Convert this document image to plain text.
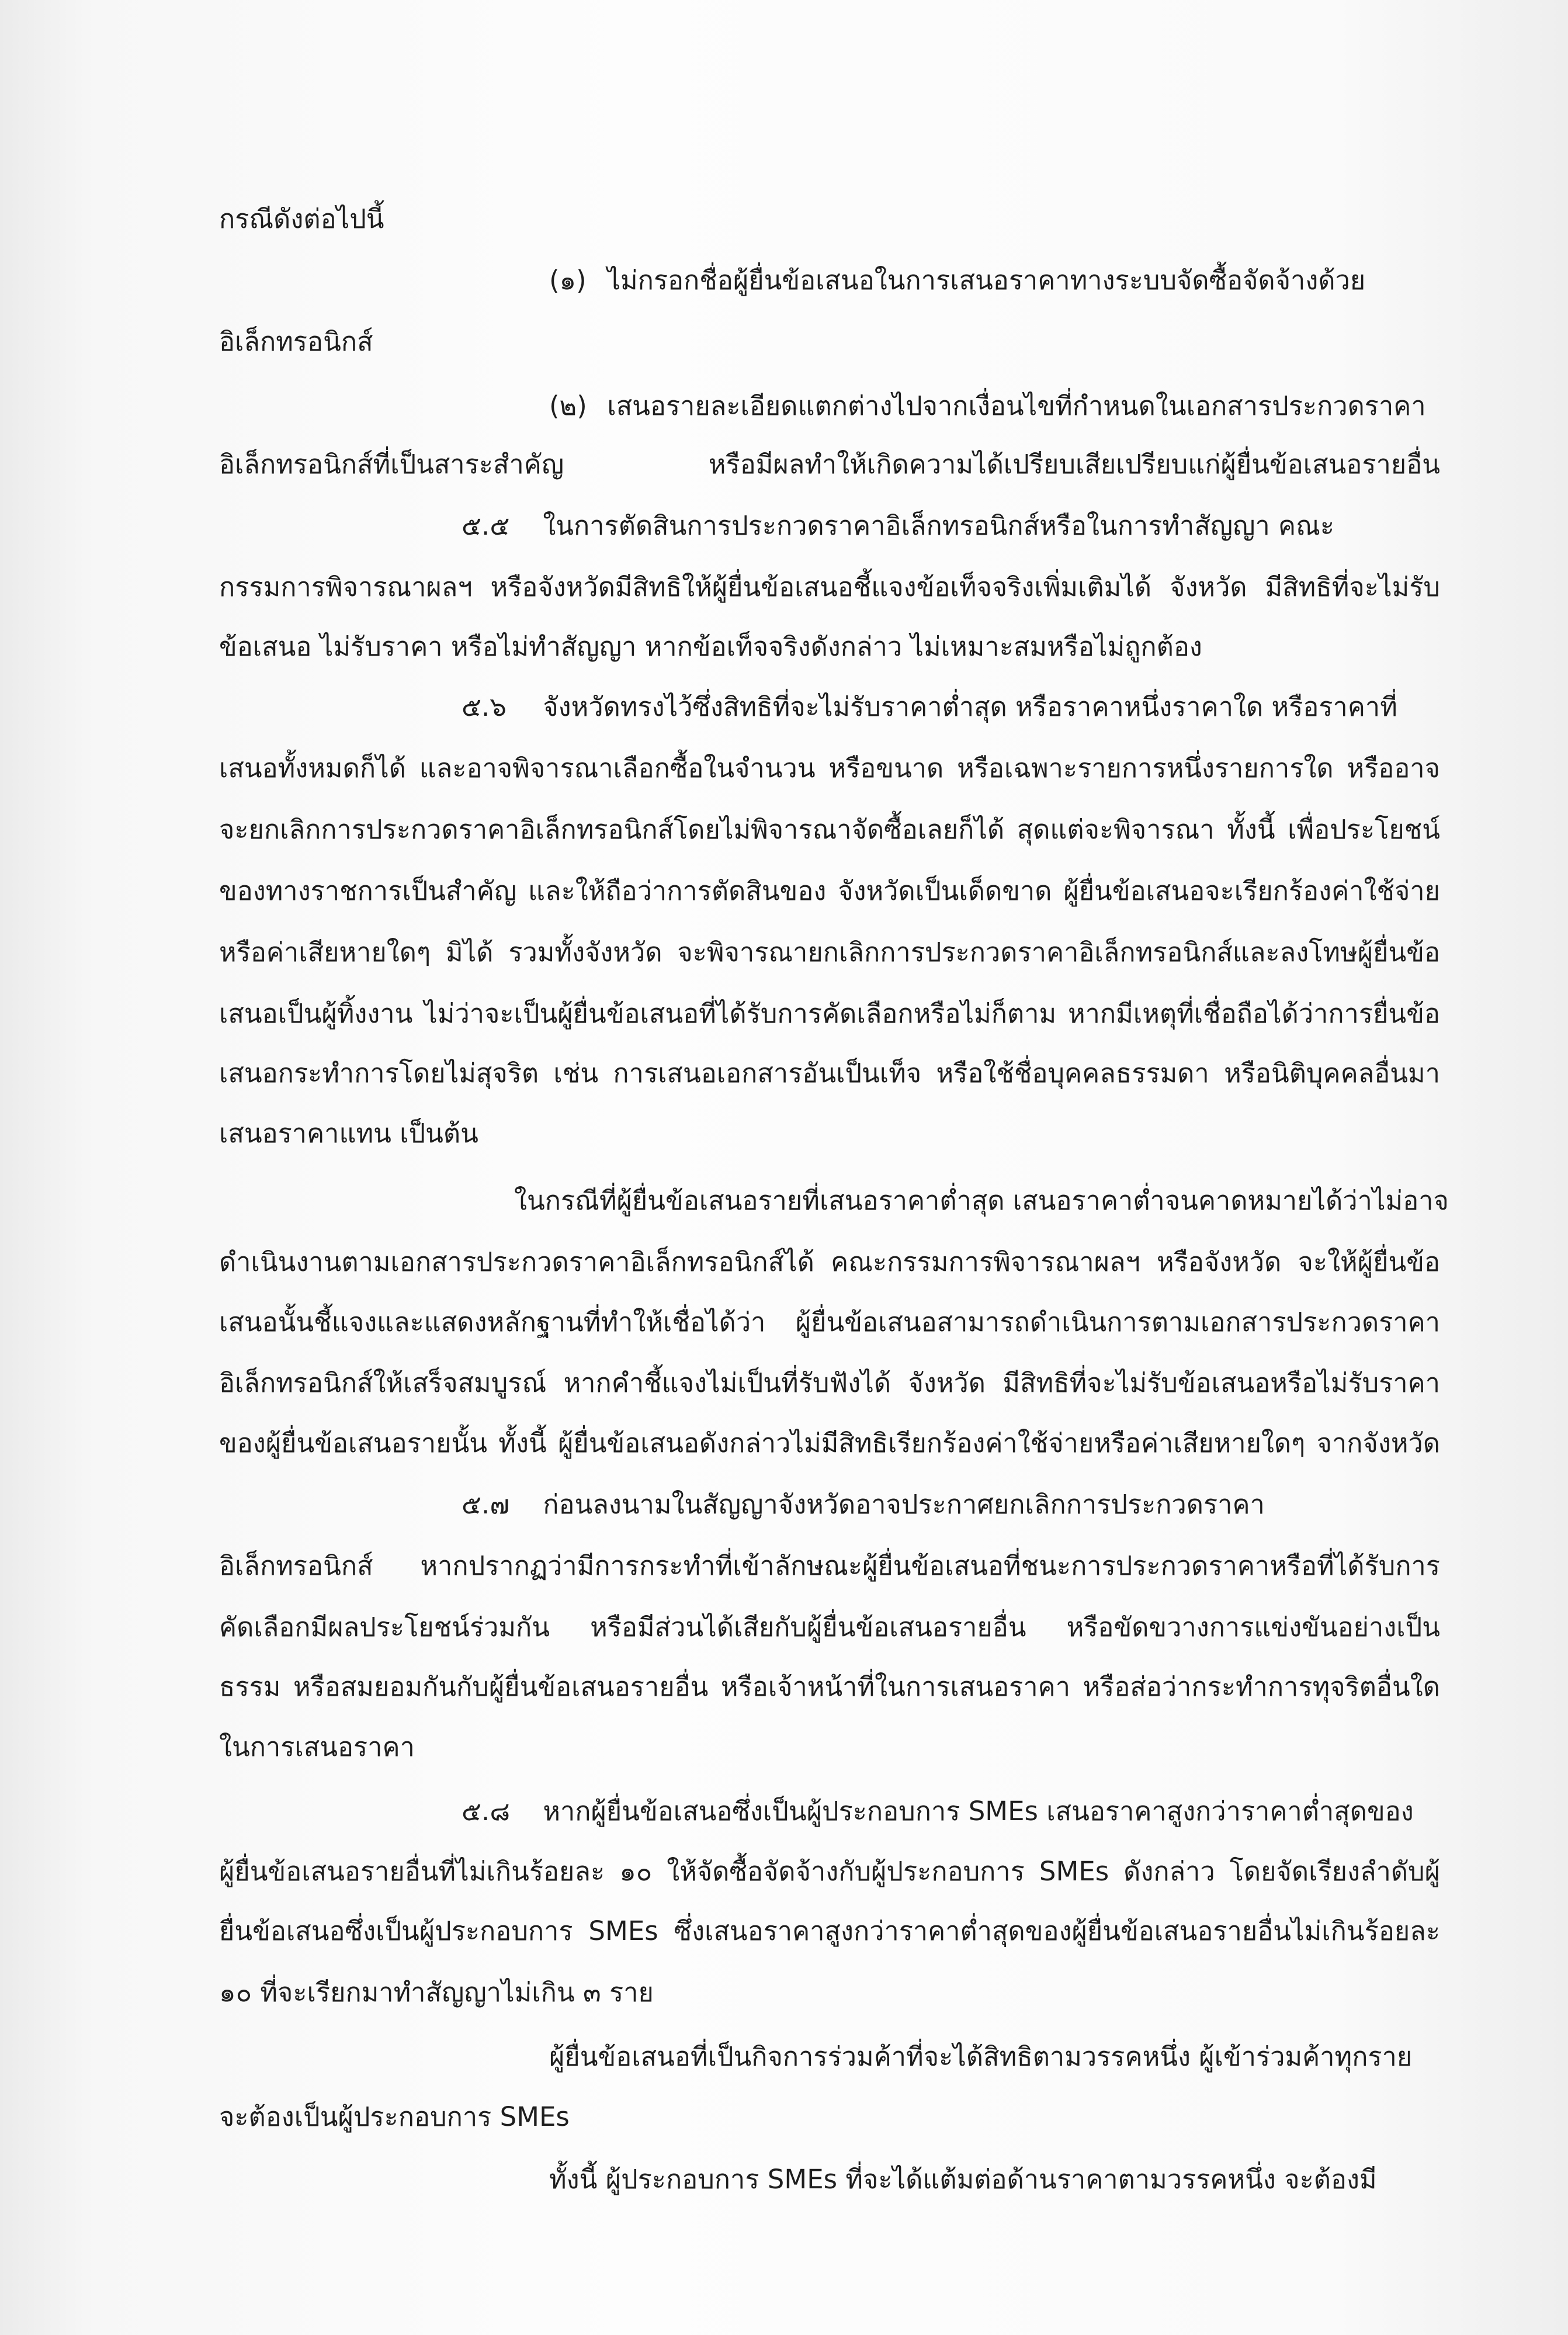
กรณีดังต่อไปนี้
(๑) ไม่กรอกชื่อผู้ยื่นข้อเสนอในการเสนอราคาทางระบบจัดซื้อจัดจ้างด้วย
อิเล็กทรอนิกส์
(๒) เสนอรายละเอียดแตกต่างไปจากเงื่อนไขที่กำหนดในเอกสารประกวดราคา
อิเล็กทรอนิกส์ที่เป็นสาระสำคัญ หรือมีผลทำให้เกิดความได้เปรียบเสียเปรียบแก่ผู้ยื่นข้อเสนอรายอื่น
๕.๕ ในการตัดสินการประกวดราคาอิเล็กทรอนิกส์หรือในการทำสัญญา คณะ
กรรมการพิจารณาผลฯ หรือจังหวัดมีสิทธิให้ผู้ยื่นข้อเสนอชี้แจงข้อเท็จจริงเพิ่มเติมได้ จังหวัด มีสิทธิที่จะไม่รับ
ข้อเสนอ ไม่รับราคา หรือไม่ทำสัญญา หากข้อเท็จจริงดังกล่าว ไม่เหมาะสมหรือไม่ถูกต้อง
๕.๖ จังหวัดทรงไว้ซึ่งสิทธิที่จะไม่รับราคาต่ำสุด หรือราคาหนึ่งราคาใด หรือราคาที่
เสนอทั้งหมดก็ได้ และอาจพิจารณาเลือกซื้อในจำนวน หรือขนาด หรือเฉพาะรายการหนึ่งรายการใด หรืออาจ
จะยกเลิกการประกวดราคาอิเล็กทรอนิกส์โดยไม่พิจารณาจัดซื้อเลยก็ได้ สุดแต่จะพิจารณา ทั้งนี้ เพื่อประโยชน์
ของทางราชการเป็นสำคัญ และให้ถือว่าการตัดสินของ จังหวัดเป็นเด็ดขาด ผู้ยื่นข้อเสนอจะเรียกร้องค่าใช้จ่าย
หรือค่าเสียหายใดๆ มิได้ รวมทั้งจังหวัด จะพิจารณายกเลิกการประกวดราคาอิเล็กทรอนิกส์และลงโทษผู้ยื่นข้อ
เสนอเป็นผู้ทิ้งงาน ไม่ว่าจะเป็นผู้ยื่นข้อเสนอที่ได้รับการคัดเลือกหรือไม่ก็ตาม หากมีเหตุที่เชื่อถือได้ว่าการยื่นข้อ
เสนอกระทำการโดยไม่สุจริต เช่น การเสนอเอกสารอันเป็นเท็จ หรือใช้ชื่อบุคคลธรรมดา หรือนิติบุคคลอื่นมา
เสนอราคาแทน เป็นต้น
ในกรณีที่ผู้ยื่นข้อเสนอรายที่เสนอราคาต่ำสุด เสนอราคาต่ำจนคาดหมายได้ว่าไม่อาจ
ดำเนินงานตามเอกสารประกวดราคาอิเล็กทรอนิกส์ได้ คณะกรรมการพิจารณาผลฯ หรือจังหวัด จะให้ผู้ยื่นข้อ
เสนอนั้นชี้แจงและแสดงหลักฐานที่ทำให้เชื่อได้ว่า ผู้ยื่นข้อเสนอสามารถดำเนินการตามเอกสารประกวดราคา
อิเล็กทรอนิกส์ให้เสร็จสมบูรณ์ หากคำชี้แจงไม่เป็นที่รับฟังได้ จังหวัด มีสิทธิที่จะไม่รับข้อเสนอหรือไม่รับราคา
ของผู้ยื่นข้อเสนอรายนั้น ทั้งนี้ ผู้ยื่นข้อเสนอดังกล่าวไม่มีสิทธิเรียกร้องค่าใช้จ่ายหรือค่าเสียหายใดๆ จากจังหวัด
๕.๗ ก่อนลงนามในสัญญาจังหวัดอาจประกาศยกเลิกการประกวดราคา
อิเล็กทรอนิกส์ หากปรากฏว่ามีการกระทำที่เข้าลักษณะผู้ยื่นข้อเสนอที่ชนะการประกวดราคาหรือที่ได้รับการ
คัดเลือกมีผลประโยชน์ร่วมกัน หรือมีส่วนได้เสียกับผู้ยื่นข้อเสนอรายอื่น หรือขัดขวางการแข่งขันอย่างเป็น
ธรรม หรือสมยอมกันกับผู้ยื่นข้อเสนอรายอื่น หรือเจ้าหน้าที่ในการเสนอราคา หรือส่อว่ากระทำการทุจริตอื่นใด
ในการเสนอราคา
๕.๘ หากผู้ยื่นข้อเสนอซึ่งเป็นผู้ประกอบการ SMEs เสนอราคาสูงกว่าราคาต่ำสุดของ
ผู้ยื่นข้อเสนอรายอื่นที่ไม่เกินร้อยละ ๑๐ ให้จัดซื้อจัดจ้างกับผู้ประกอบการ SMEs ดังกล่าว โดยจัดเรียงลำดับผู้
ยื่นข้อเสนอซึ่งเป็นผู้ประกอบการ SMEs ซึ่งเสนอราคาสูงกว่าราคาต่ำสุดของผู้ยื่นข้อเสนอรายอื่นไม่เกินร้อยละ
๑๐ ที่จะเรียกมาทำสัญญาไม่เกิน ๓ ราย
ผู้ยื่นข้อเสนอที่เป็นกิจการร่วมค้าที่จะได้สิทธิตามวรรคหนึ่ง ผู้เข้าร่วมค้าทุกราย
จะต้องเป็นผู้ประกอบการ SMEs
ทั้งนี้ ผู้ประกอบการ SMEs ที่จะได้แต้มต่อด้านราคาตามวรรคหนึ่ง จะต้องมี
